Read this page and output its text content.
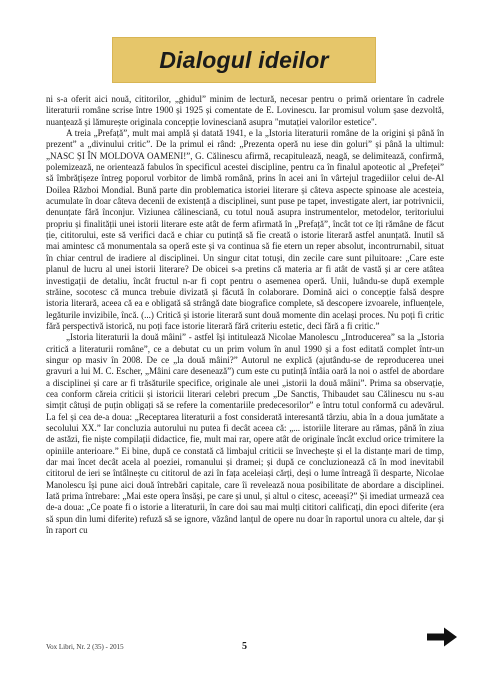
Dialogul ideilor

ni s-a oferit aici nouă, cititorilor, „ghidul” minim de lectură, necesar pentru o primă orientare în cadrele literaturii române scrise între 1900 și 1925 și comentate de E. Lovinescu. Iar promisul volum șase dezvoltă, nuanțează și lămurește originala concepție lovinesciană asupra "mutației valorilor estetice".

A treia „Prefață”, mult mai amplă și datată 1941, e la „Istoria literaturii române de la origini și până în prezent” a „divinului critic”. De la primul ei rând: „Prezenta operă nu iese din goluri” și până la ultimul: „NASC ȘI ÎN MOLDOVA OAMENI!”, G. Călinescu afirmă, recapitulează, neagă, se delimitează, confirmă, polemizează, ne orientează fabulos în specificul acestei discipline, pentru ca în finalul apoteotic al „Prefeței” să îmbrățișeze întreg poporul vorbitor de limbă română, prins în acei ani în vârtejul tragediilor celui de-Al Doilea Război Mondial. Bună parte din problematica istoriei literare și câteva aspecte spinoase ale acesteia, acumulate în doar câteva decenii de existență a disciplinei, sunt puse pe tapet, investigate alert, iar potrivnicii, denunțate fără înconjur. Viziunea călinesciană, cu totul nouă asupra instrumentelor, metodelor, teritoriului propriu și finalității unei istorii literare este atât de ferm afirmată în „Prefață”, încât tot ce îți rămâne de făcut ție, cititorului, este să verifici dacă e chiar cu putință să fie creată o istorie literară astfel anunțată. Inutil să mai amintesc că monumentala sa operă este și va continua să fie etern un reper absolut, incontrurnabil, situat în chiar centrul de iradiere al disciplinei. Un singur citat totuși, din zecile care sunt piluitoare: „Care este planul de lucru al unei istorii literare? De obicei s-a pretins că materia ar fi atât de vastă și ar cere atâtea investigații de detaliu, încât fructul n-ar fi copt pentru o asemenea operă. Unii, luându-se după exemple străine, socotesc că munca trebuie divizată și făcută în colaborare. Domină aici o concepție falsă despre istoria literară, aceea că ea e obligată să strângă date biografice complete, să descopere izvoarele, influențele, legăturile invizibile, încă. (...) Critică și istorie literară sunt două momente din același proces. Nu poți fi critic fără perspectivă istorică, nu poți face istorie literară fără criteriu estetic, deci fără a fi critic.”

„Istoria literaturii la două mâini” - astfel își intitulează Nicolae Manolescu „Introducerea” sa la „Istoria critică a literaturii române”, ce a debutat cu un prim volum în anul 1990 și a fost editată complet într-un singur op masiv în 2008. De ce „la două mâini?” Autorul ne explică (ajutându-se de reproducerea unei gravuri a lui M. C. Escher, „Mâini care desenează”) cum este cu putință întâia oară la noi o astfel de abordare a disciplinei și care ar fi trăsăturile specifice, originale ale unei „istorii la două mâini”. Prima sa observație, cea conform căreia criticii și istoricii literari celebri precum „De Sanctis, Thibaudet sau Călinescu nu s-au simțit câtuși de puțin obligați să se refere la comentariile predecesorilor” e întru totul conformă cu adevărul. La fel și cea de-a doua: „Receptarea literaturii a fost considerată interesantă târziu, abia în a doua jumătate a secolului XX.” Iar concluzia autorului nu putea fi decât aceea că: „... istoriile literare au rămas, până în ziua de astăzi, fie niște compilații didactice, fie, mult mai rar, opere atât de originale încât exclud orice trimitere la opiniile anterioare.” Ei bine, după ce constată că limbajul criticii se învechește și el la distanțe mari de timp, dar mai încet decât acela al poeziei, romanului și dramei; și după ce concluzionează că în mod inevitabil cititorul de ieri se întâlnește cu cititorul de azi în fața aceleiași cărți, deși o lume întreagă îi desparte, Nicolae Manolescu își pune aici două întrebări capitale, care îi revelează noua posibilitate de abordare a disciplinei. Iată prima întrebare: „Mai este opera însăși, pe care și unul, și altul o citesc, aceeași?” Și imediat urmează cea de-a doua: „Ce poate fi o istorie a literaturii, în care doi sau mai mulți cititori calificați, din epoci diferite (era să spun din lumi diferite) refuză să se ignore, văzând lanțul de opere nu doar în raportul unora cu altele, dar și în raport cu

Vox Libri, Nr. 2 (35) - 2015	5
